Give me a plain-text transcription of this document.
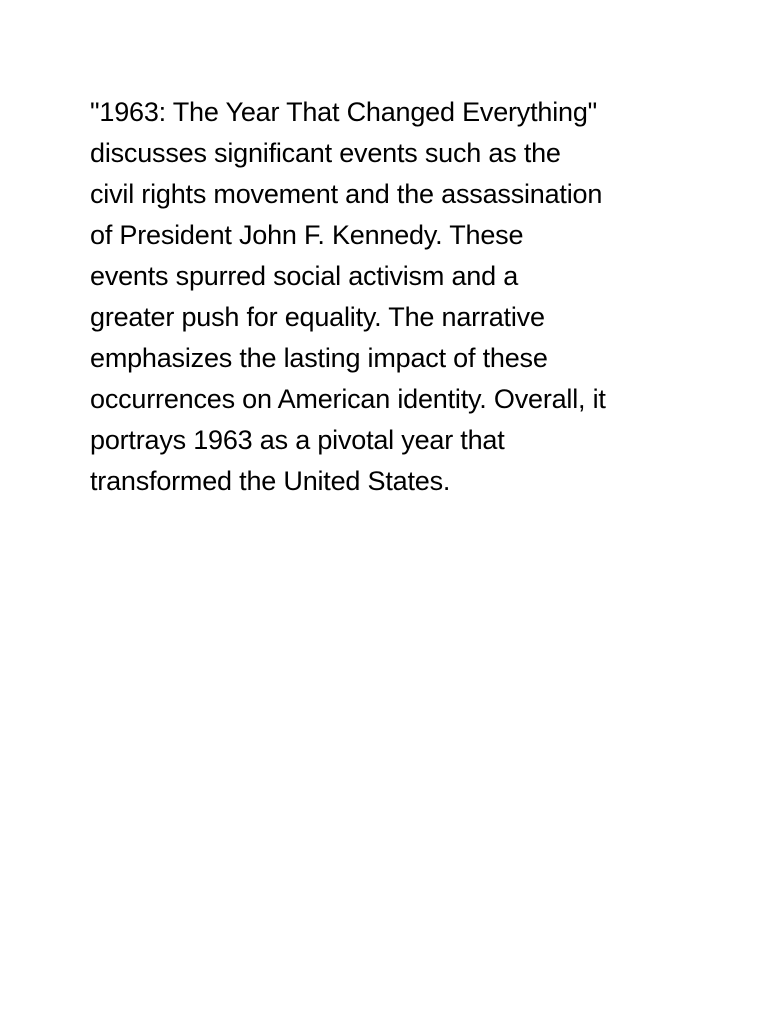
"1963: The Year That Changed Everything"
discusses significant events such as the
civil rights movement and the assassination
of President John F. Kennedy. These
events spurred social activism and a
greater push for equality. The narrative
emphasizes the lasting impact of these
occurrences on American identity. Overall, it
portrays 1963 as a pivotal year that
transformed the United States.
